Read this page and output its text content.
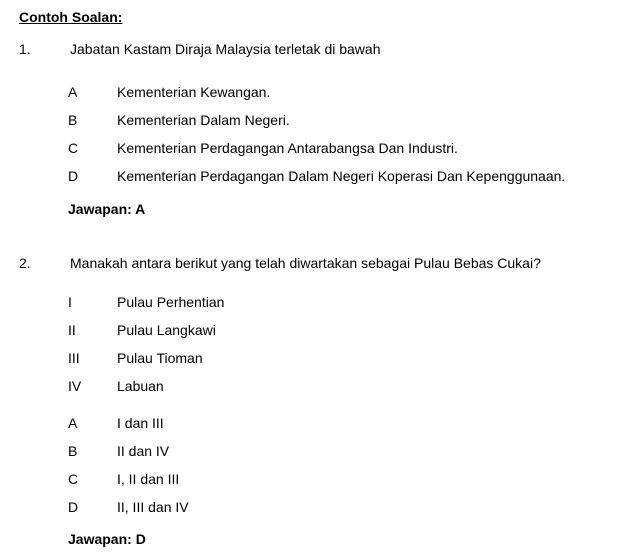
Contoh Soalan:
1.	Jabatan Kastam Diraja Malaysia terletak di bawah
A	Kementerian Kewangan.
B	Kementerian Dalam Negeri.
C	Kementerian Perdagangan Antarabangsa Dan Industri.
D	Kementerian Perdagangan Dalam Negeri Koperasi Dan Kepenggunaan.
Jawapan: A
2.	Manakah antara berikut yang telah diwartakan sebagai Pulau Bebas Cukai?
I	Pulau Perhentian
II	Pulau Langkawi
III	Pulau Tioman
IV	Labuan
A	I dan III
B	II dan IV
C	I, II dan III
D	II, III dan IV
Jawapan: D
